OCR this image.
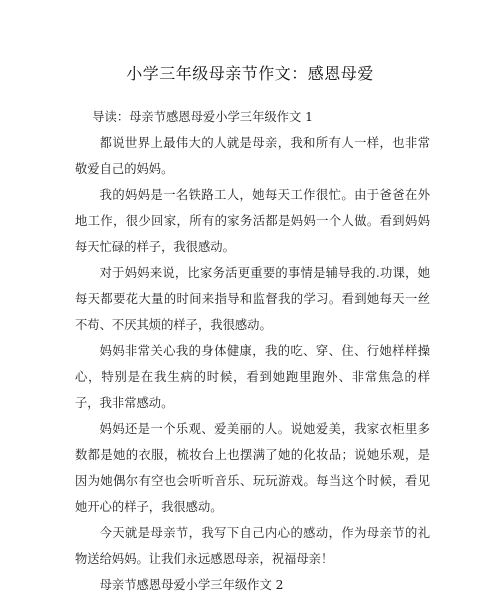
小学三年级母亲节作文：感恩母爱

导读：母亲节感恩母爱小学三年级作文 1

都说世界上最伟大的人就是母亲，我和所有人一样，也非常敬爱自己的妈妈。

我的妈妈是一名铁路工人，她每天工作很忙。由于爸爸在外地工作，很少回家，所有的家务活都是妈妈一个人做。看到妈妈每天忙碌的样子，我很感动。

对于妈妈来说，比家务活更重要的事情是辅导我的.功课，她每天都要花大量的时间来指导和监督我的学习。看到她每天一丝不苟、不厌其烦的样子，我很感动。

妈妈非常关心我的身体健康，我的吃、穿、住、行她样样操心，特别是在我生病的时候，看到她跑里跑外、非常焦急的样子，我非常感动。

妈妈还是一个乐观、爱美丽的人。说她爱美，我家衣柜里多数都是她的衣服，梳妆台上也摆满了她的化妆品；说她乐观，是因为她偶尔有空也会听听音乐、玩玩游戏。每当这个时候，看见她开心的样子，我很感动。

今天就是母亲节，我写下自己内心的感动，作为母亲节的礼物送给妈妈。让我们永远感恩母亲，祝福母亲！

母亲节感恩母爱小学三年级作文 2
